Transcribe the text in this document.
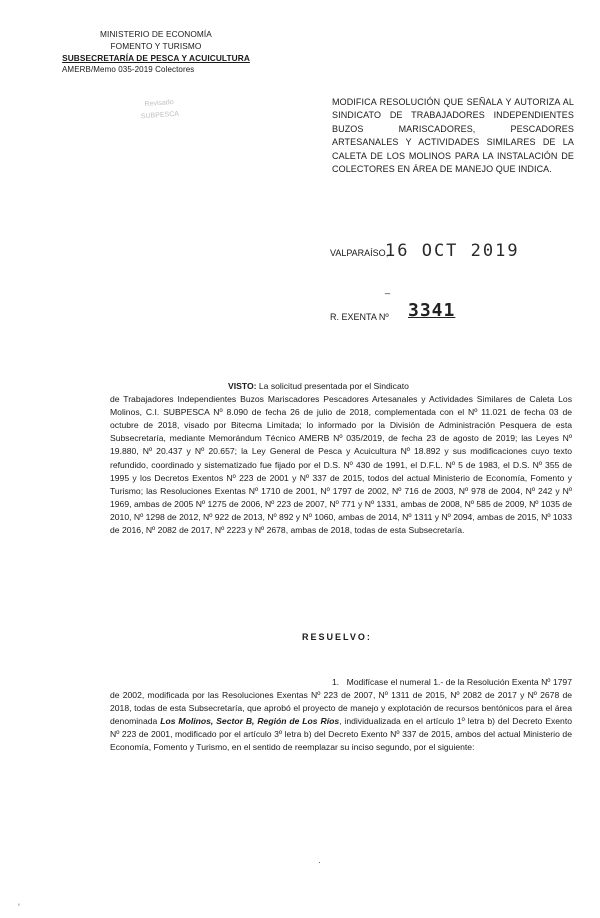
MINISTERIO DE ECONOMÍA
FOMENTO Y TURISMO
SUBSECRETARÍA DE PESCA Y ACUICULTURA
AMERB/Memo 035-2019 Colectores
Revisado
SUBPESCA
MODIFICA RESOLUCIÓN QUE SEÑALA Y AUTORIZA AL SINDICATO DE TRABAJADORES INDEPENDIENTES BUZOS MARISCADORES, PESCADORES ARTESANALES Y ACTIVIDADES SIMILARES DE LA CALETA DE LOS MOLINOS PARA LA INSTALACIÓN DE COLECTORES EN ÁREA DE MANEJO QUE INDICA.
VALPARAÍSO,
16 OCT 2019
_
R. EXENTA Nº 3341
VISTO: La solicitud presentada por el Sindicato
de Trabajadores Independientes Buzos Mariscadores Pescadores Artesanales y Actividades Similares de Caleta Los Molinos, C.I. SUBPESCA Nº 8.090 de fecha 26 de julio de 2018, complementada con el Nº 11.021 de fecha 03 de octubre de 2018, visado por Bitecma Limitada; lo informado por la División de Administración Pesquera de esta Subsecretaría, mediante Memorándum Técnico AMERB Nº 035/2019, de fecha 23 de agosto de 2019; las Leyes Nº 19.880, Nº 20.437 y Nº 20.657; la Ley General de Pesca y Acuicultura Nº 18.892 y sus modificaciones cuyo texto refundido, coordinado y sistematizado fue fijado por el D.S. Nº 430 de 1991, el D.F.L. Nº 5 de 1983, el D.S. Nº 355 de 1995 y los Decretos Exentos Nº 223 de 2001 y Nº 337 de 2015, todos del actual Ministerio de Economía, Fomento y Turismo; las Resoluciones Exentas Nº 1710 de 2001, Nº 1797 de 2002, Nº 716 de 2003, Nº 978 de 2004, Nº 242 y Nº 1969, ambas de 2005 Nº 1275 de 2006, Nº 223 de 2007, Nº 771 y Nº 1331, ambas de 2008, Nº 585 de 2009, Nº 1035 de 2010, Nº 1298 de 2012, Nº 922 de 2013, Nº 892 y Nº 1060, ambas de 2014, Nº 1311 y Nº 2094, ambas de 2015, Nº 1033 de 2016, Nº 2082 de 2017, Nº 2223 y Nº 2678, ambas de 2018, todas de esta Subsecretaría.
RESUELVO:
1. Modifícase el numeral 1.- de la Resolución Exenta Nº 1797 de 2002, modificada por las Resoluciones Exentas Nº 223 de 2007, Nº 1311 de 2015, Nº 2082 de 2017 y Nº 2678 de 2018, todas de esta Subsecretaría, que aprobó el proyecto de manejo y explotación de recursos bentónicos para el área denominada Los Molinos, Sector B, Región de Los Ríos, individualizada en el artículo 1º letra b) del Decreto Exento Nº 223 de 2001, modificado por el artículo 3º letra b) del Decreto Exento Nº 337 de 2015, ambos del actual Ministerio de Economía, Fomento y Turismo, en el sentido de reemplazar su inciso segundo, por el siguiente:
·
ʻ
